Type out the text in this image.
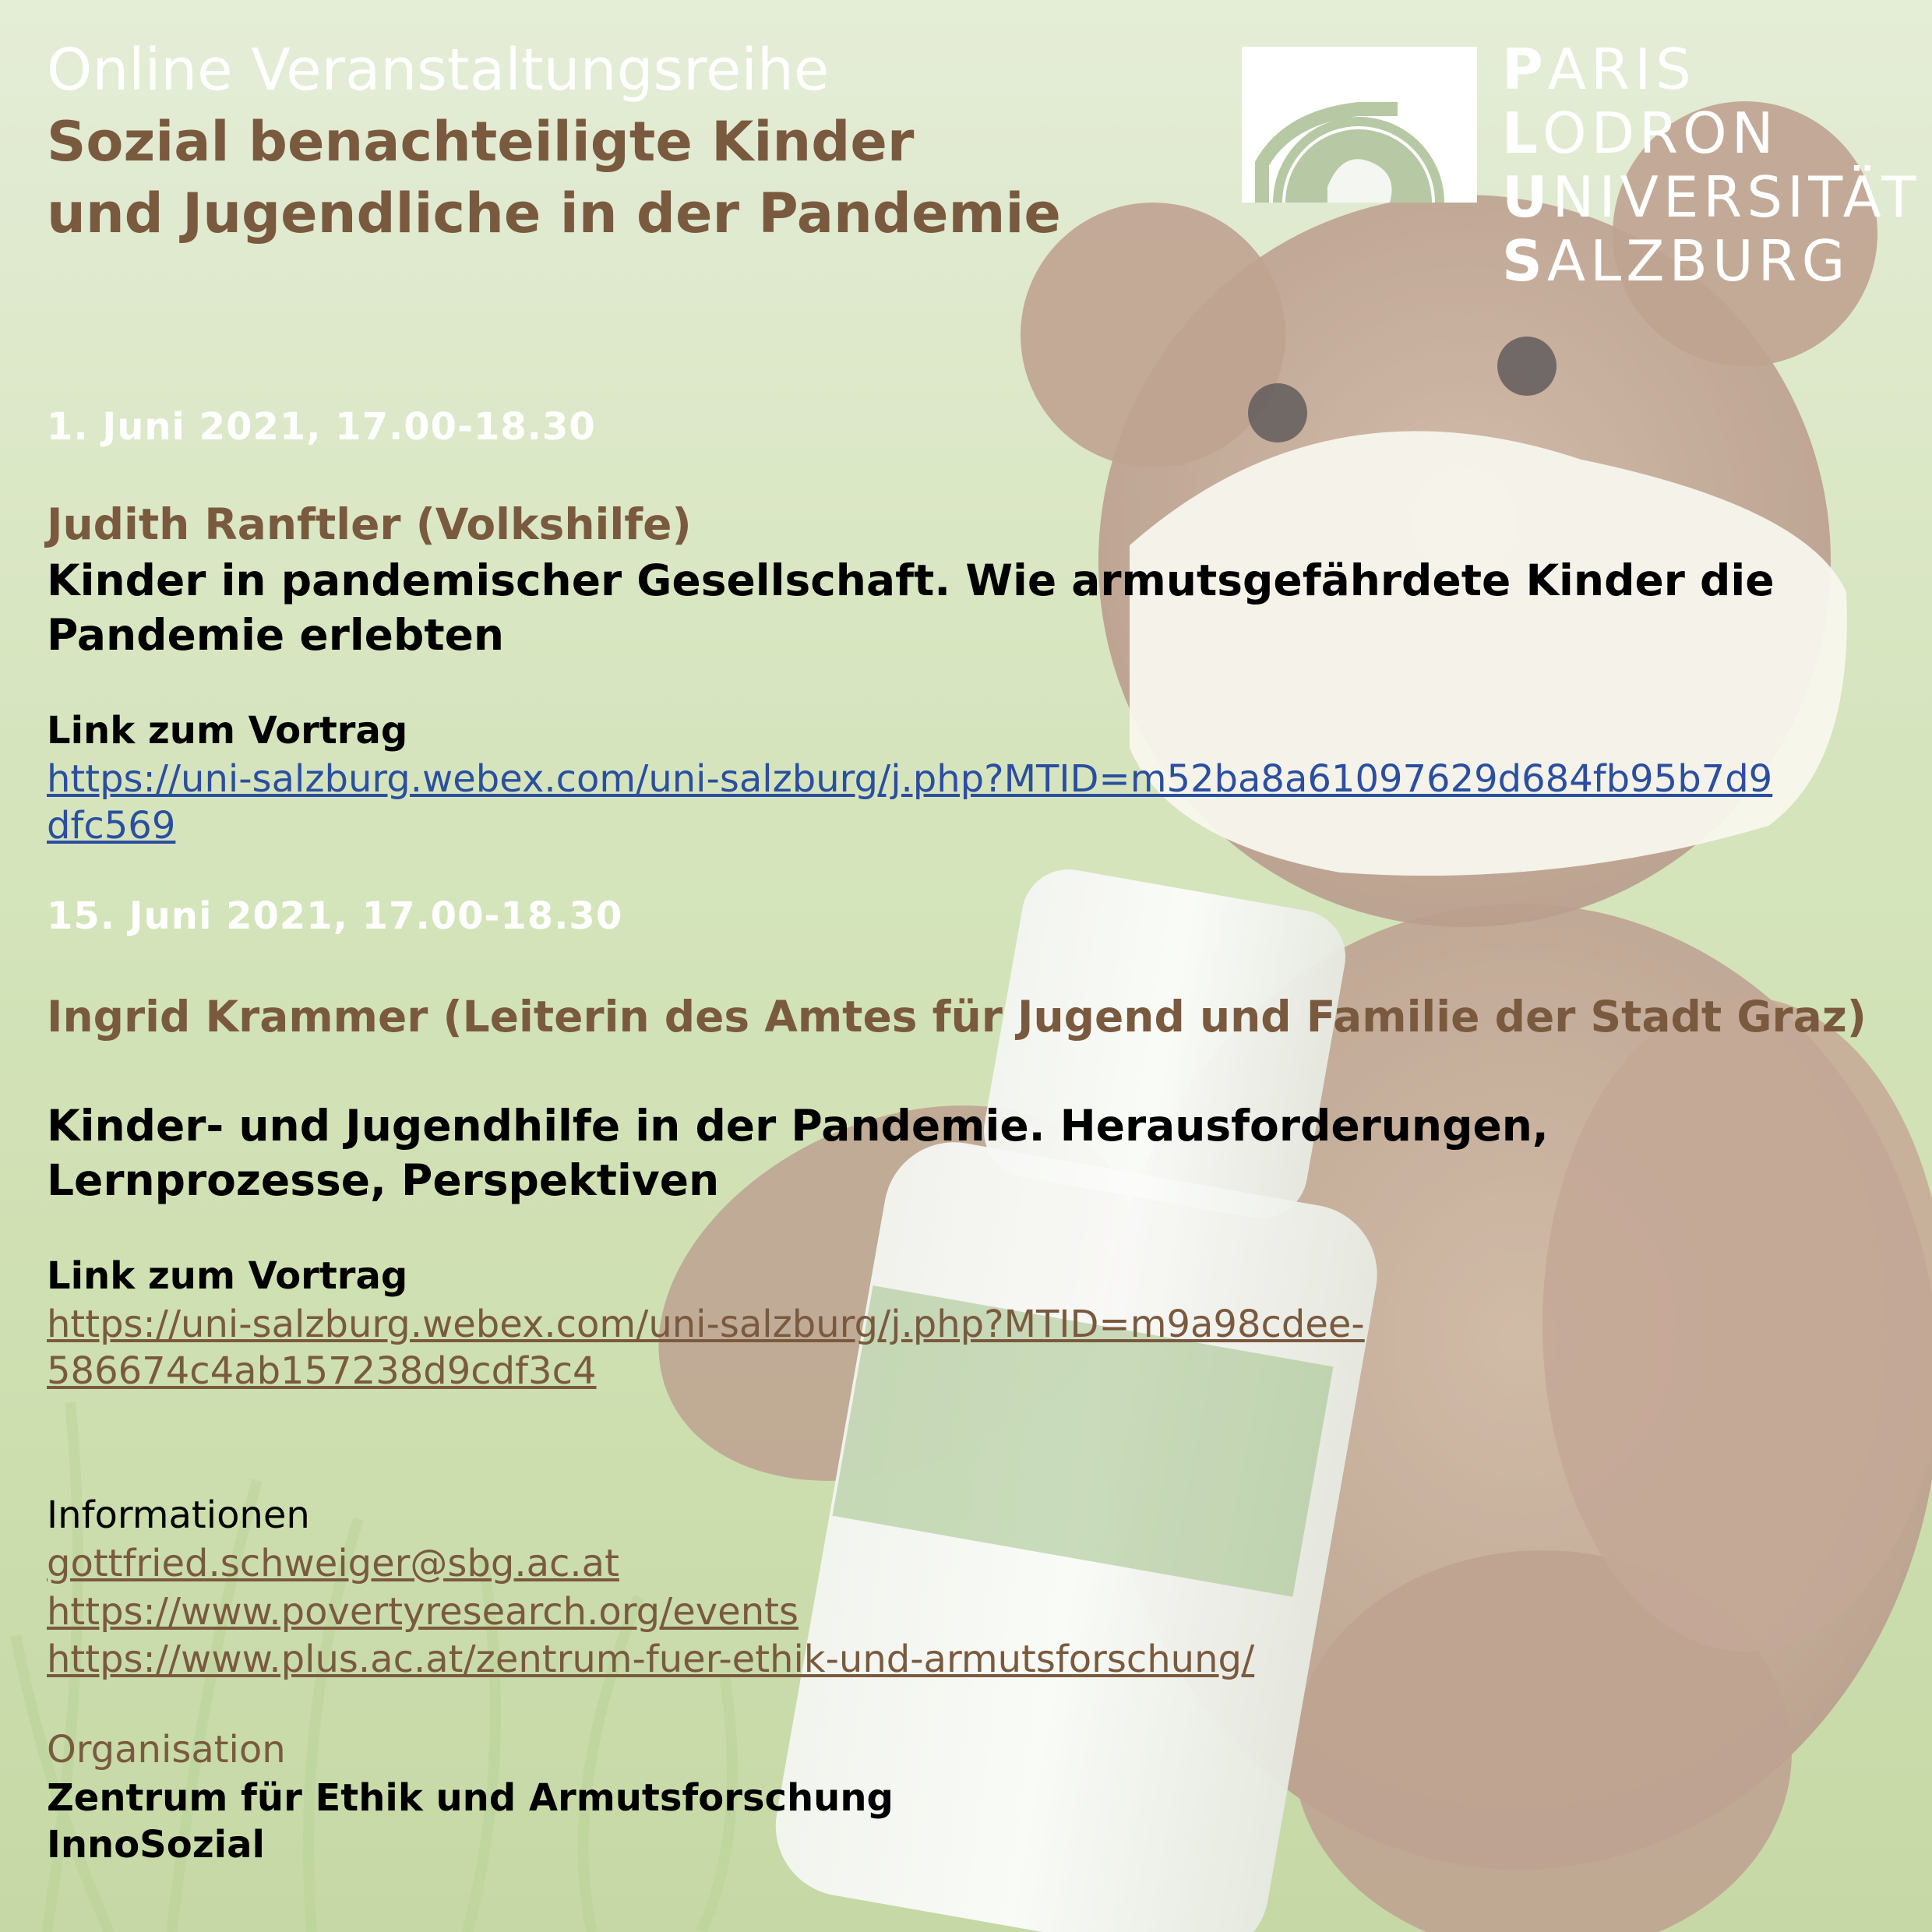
Online Veranstaltungsreihe
Sozial benachteiligte Kinder
und Jugendliche in der Pandemie
PARIS
LODRON
UNIVERSITÄT
SALZBURG
1. Juni 2021, 17.00-18.30
Judith Ranftler (Volkshilfe)
Kinder in pandemischer Gesellschaft. Wie armutsgefährdete Kinder die Pandemie erlebten
Link zum Vortrag
https://uni-salzburg.webex.com/uni-salzburg/j.php?MTID=m52ba8a61097629d684fb95b7d9
dfc569
15. Juni 2021, 17.00-18.30
Ingrid Krammer (Leiterin des Amtes für Jugend und Familie der Stadt Graz)
Kinder- und Jugendhilfe in der Pandemie. Herausforderungen, Lernprozesse, Perspektiven
Link zum Vortrag
https://uni-salzburg.webex.com/uni-salzburg/j.php?MTID=m9a98cdee-
586674c4ab157238d9cdf3c4
Informationen
gottfried.schweiger@sbg.ac.at
https://www.povertyresearch.org/events
https://www.plus.ac.at/zentrum-fuer-ethik-und-armutsforschung/
Organisation
Zentrum für Ethik und Armutsforschung
InnoSozial
